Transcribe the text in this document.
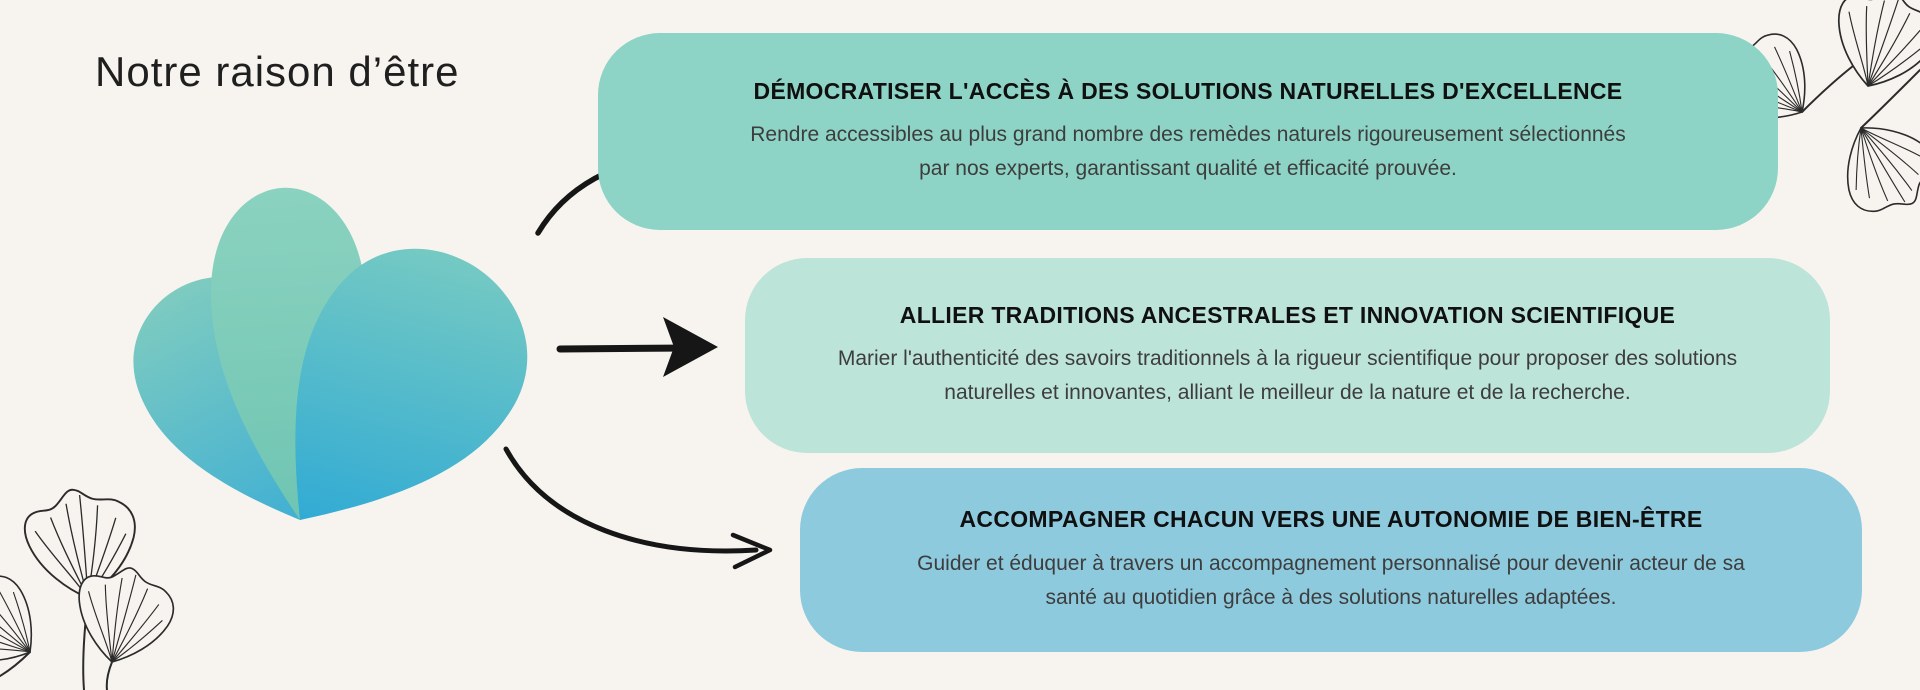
Notre raison d’être	DÉMOCRATISER L'ACCÈS À DES SOLUTIONS NATURELLES D'EXCELLENCE
Rendre accessibles au plus grand nombre des remèdes naturels rigoureusement sélectionnés par nos experts, garantissant qualité et efficacité prouvée.
ALLIER TRADITIONS ANCESTRALES ET INNOVATION SCIENTIFIQUE
Marier l'authenticité des savoirs traditionnels à la rigueur scientifique pour proposer des solutions naturelles et innovantes, alliant le meilleur de la nature et de la recherche.
ACCOMPAGNER CHACUN VERS UNE AUTONOMIE DE BIEN-ÊTRE
Guider et éduquer à travers un accompagnement personnalisé pour devenir acteur de sa santé au quotidien grâce à des solutions naturelles adaptées.
